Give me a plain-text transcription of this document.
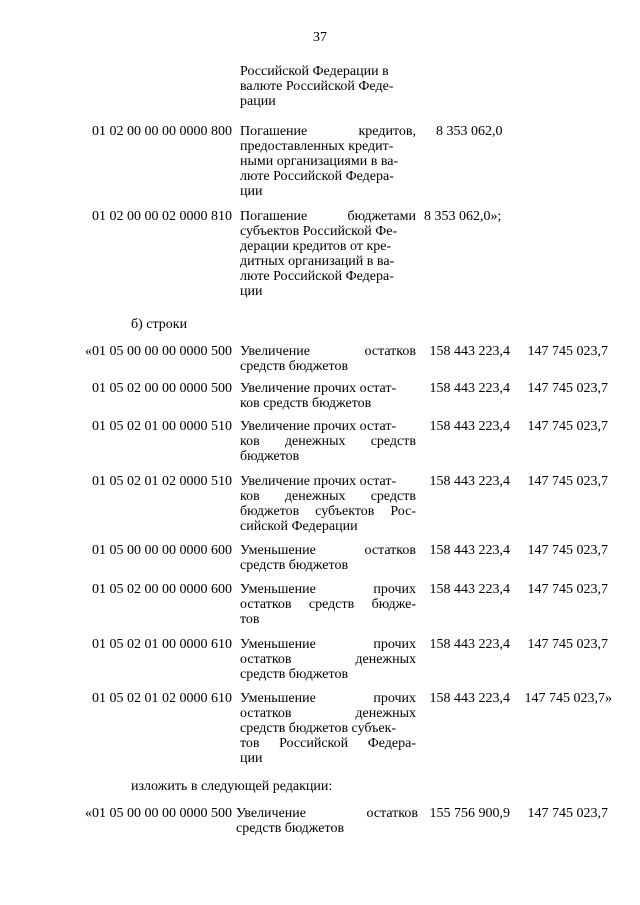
37
Российской Федерации в
валюте Российской Феде-
рации
01 02 00 00 00 0000 800 Погашение кредитов,
предоставленных кредит-
ными организациями в ва-
люте Российской Федера-
ции
8 353 062,0
01 02 00 00 02 0000 810 Погашение бюджетами
субъектов Российской Фе-
дерации кредитов от кре-
дитных организаций в ва-
люте Российской Федера-
ции
8 353 062,0»;
б) строки
«01 05 00 00 00 0000 500 Увеличение остатков
средств бюджетов
158 443 223,4	147 745 023,7
01 05 02 00 00 0000 500 Увеличение прочих остат-
ков средств бюджетов
158 443 223,4	147 745 023,7
01 05 02 01 00 0000 510 Увеличение прочих остат-
ков денежных средств
бюджетов
158 443 223,4	147 745 023,7
01 05 02 01 02 0000 510 Увеличение прочих остат-
ков денежных средств
бюджетов субъектов Рос-
сийской Федерации
158 443 223,4	147 745 023,7
01 05 00 00 00 0000 600 Уменьшение остатков
средств бюджетов
158 443 223,4	147 745 023,7
01 05 02 00 00 0000 600 Уменьшение прочих
остатков средств бюдже-
тов
158 443 223,4	147 745 023,7
01 05 02 01 00 0000 610 Уменьшение прочих
остатков денежных
средств бюджетов
158 443 223,4	147 745 023,7
01 05 02 01 02 0000 610 Уменьшение прочих
остатков денежных
средств бюджетов субъек-
тов Российской Федера-
ции
158 443 223,4	147 745 023,7»
изложить в следующей редакции:
«01 05 00 00 00 0000 500 Увеличение остатков
средств бюджетов
155 756 900,9	147 745 023,7
